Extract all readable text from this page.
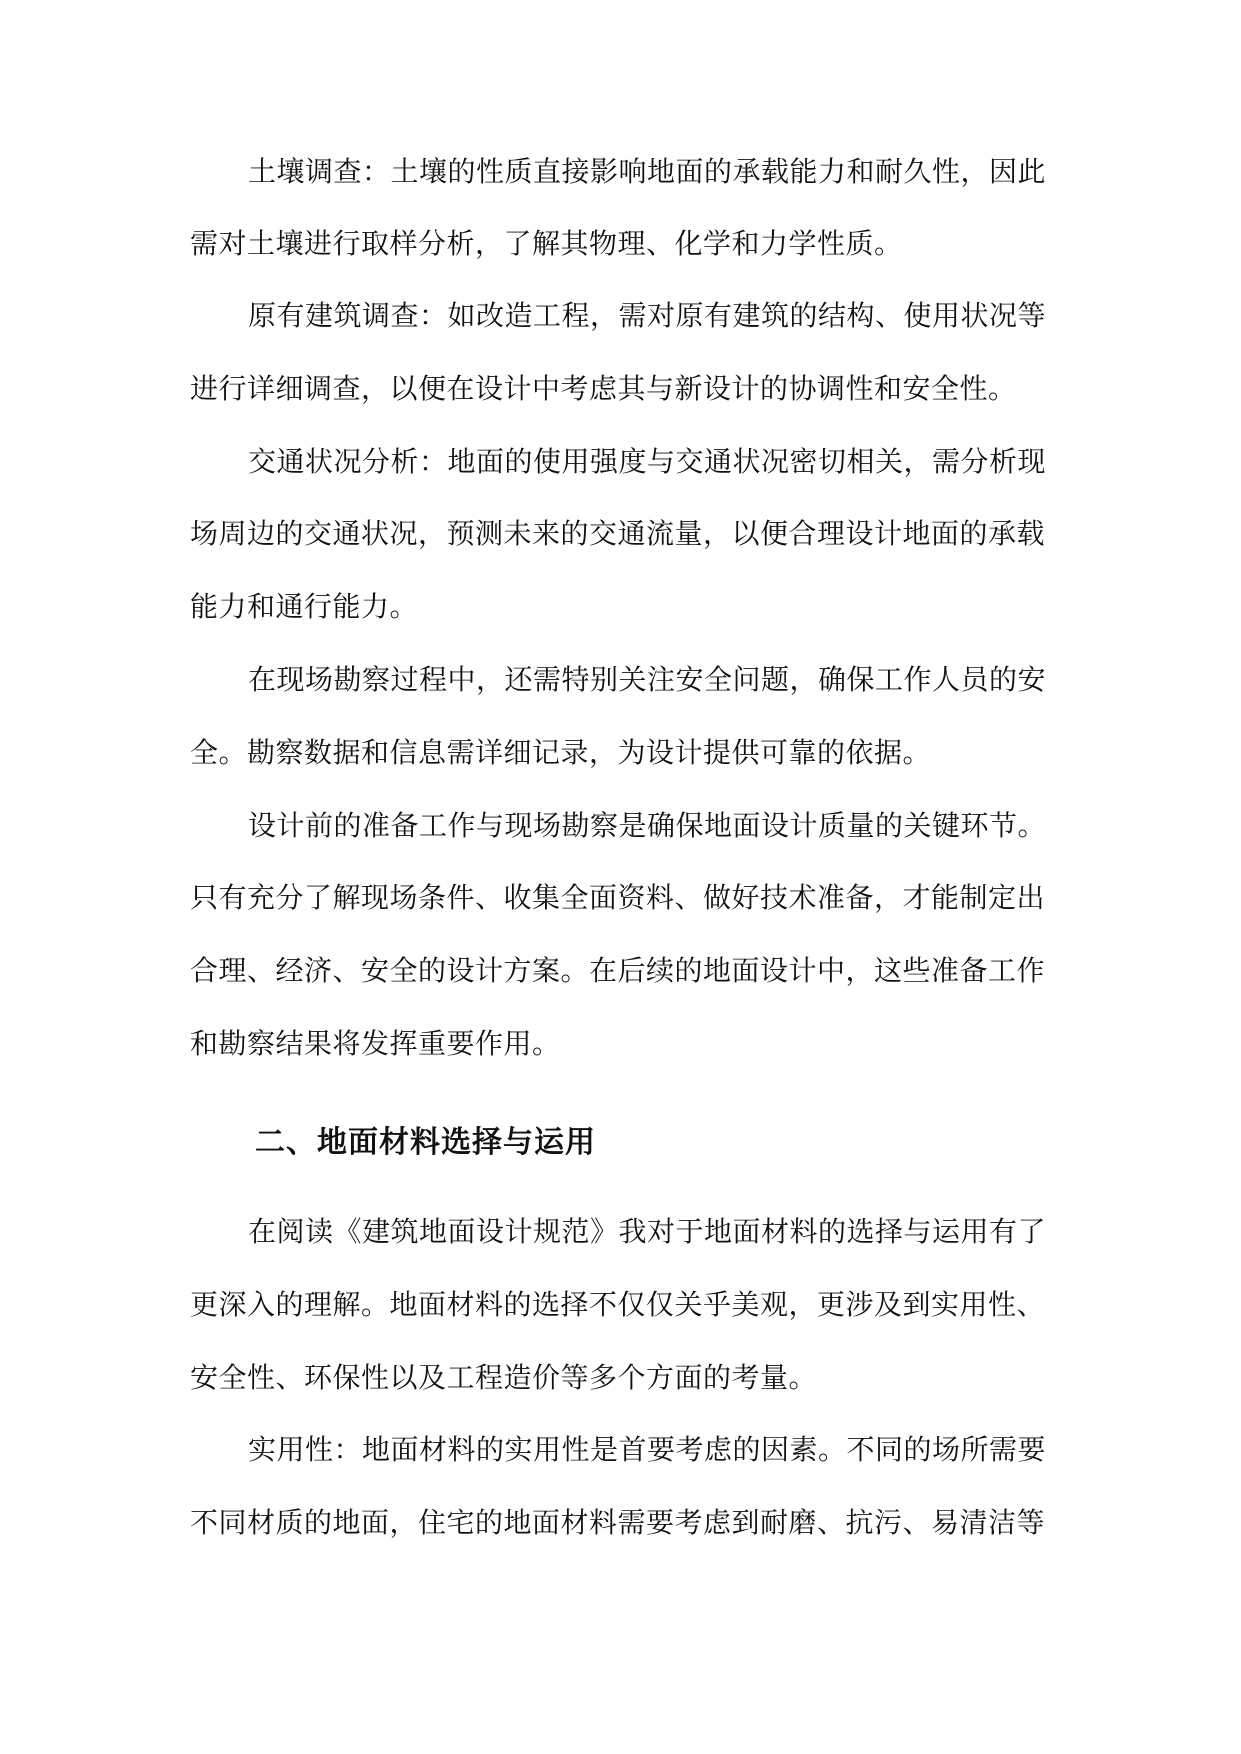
土壤调查：土壤的性质直接影响地面的承载能力和耐久性，因此
需对土壤进行取样分析，了解其物理、化学和力学性质。
原有建筑调查：如改造工程，需对原有建筑的结构、使用状况等
进行详细调查，以便在设计中考虑其与新设计的协调性和安全性。
交通状况分析：地面的使用强度与交通状况密切相关，需分析现
场周边的交通状况，预测未来的交通流量，以便合理设计地面的承载
能力和通行能力。
在现场勘察过程中，还需特别关注安全问题，确保工作人员的安
全。勘察数据和信息需详细记录，为设计提供可靠的依据。
设计前的准备工作与现场勘察是确保地面设计质量的关键环节。
只有充分了解现场条件、收集全面资料、做好技术准备，才能制定出
合理、经济、安全的设计方案。在后续的地面设计中，这些准备工作
和勘察结果将发挥重要作用。
二、地面材料选择与运用
在阅读《建筑地面设计规范》我对于地面材料的选择与运用有了
更深入的理解。地面材料的选择不仅仅关乎美观，更涉及到实用性、
安全性、环保性以及工程造价等多个方面的考量。
实用性：地面材料的实用性是首要考虑的因素。不同的场所需要
不同材质的地面，住宅的地面材料需要考虑到耐磨、抗污、易清洁等
